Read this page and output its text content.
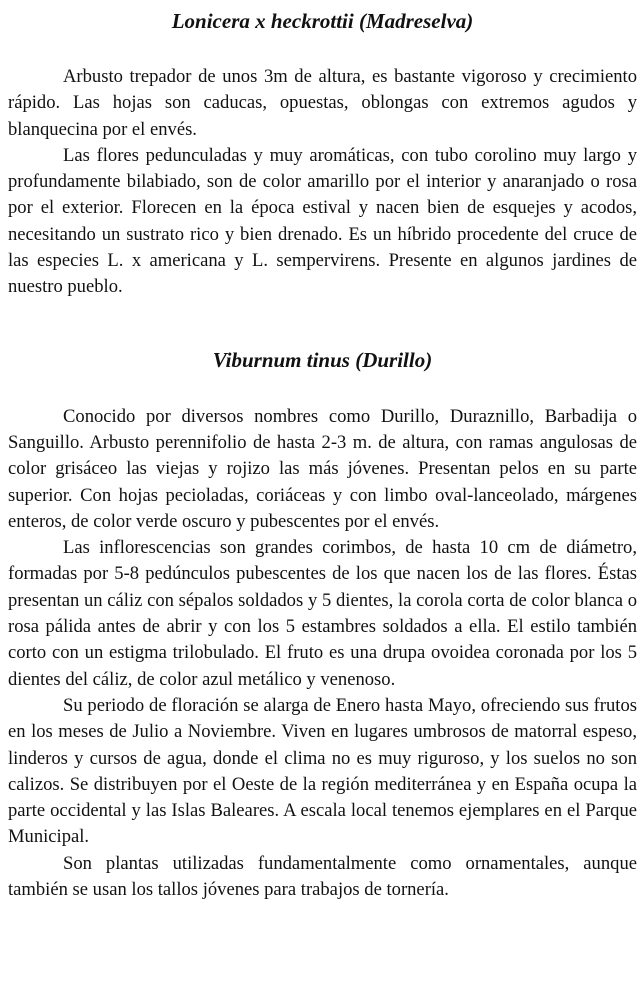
Lonicera x heckrottii (Madreselva)

Arbusto trepador de unos 3m de altura, es bastante vigoroso y crecimiento rápido. Las hojas son caducas, opuestas, oblongas con extremos agudos y blanquecina por el envés.

Las flores pedunculadas y muy aromáticas, con tubo corolino muy largo y profundamente bilabiado, son de color amarillo por el interior y anaranjado o rosa por el exterior. Florecen en la época estival y nacen bien de esquejes y acodos, necesitando un sustrato rico y bien drenado. Es un híbrido procedente del cruce de las especies L. x americana y L. sempervirens. Presente en algunos jardines de nuestro pueblo.

Viburnum tinus (Durillo)

Conocido por diversos nombres como Durillo, Duraznillo, Barbadija o Sanguillo. Arbusto perennifolio de hasta 2-3 m. de altura, con ramas angulosas de color grisáceo las viejas y rojizo las más jóvenes. Presentan pelos en su parte superior. Con hojas pecioladas, coriáceas y con limbo oval-lanceolado, márgenes enteros, de color verde oscuro y pubescentes por el envés.

Las inflorescencias son grandes corimbos, de hasta 10 cm de diámetro, formadas por 5-8 pedúnculos pubescentes de los que nacen los de las flores. Éstas presentan un cáliz con sépalos soldados y 5 dientes, la corola corta de color blanca o rosa pálida antes de abrir y con los 5 estambres soldados a ella. El estilo también corto con un estigma trilobulado. El fruto es una drupa ovoidea coronada por los 5 dientes del cáliz, de color azul metálico y venenoso.

Su periodo de floración se alarga de Enero hasta Mayo, ofreciendo sus frutos en los meses de Julio a Noviembre. Viven en lugares umbrosos de matorral espeso, linderos y cursos de agua, donde el clima no es muy riguroso, y los suelos no son calizos. Se distribuyen por el Oeste de la región mediterránea y en España ocupa la parte occidental y las Islas Baleares. A escala local tenemos ejemplares en el Parque Municipal.

Son plantas utilizadas fundamentalmente como ornamentales, aunque también se usan los tallos jóvenes para trabajos de tornería.
